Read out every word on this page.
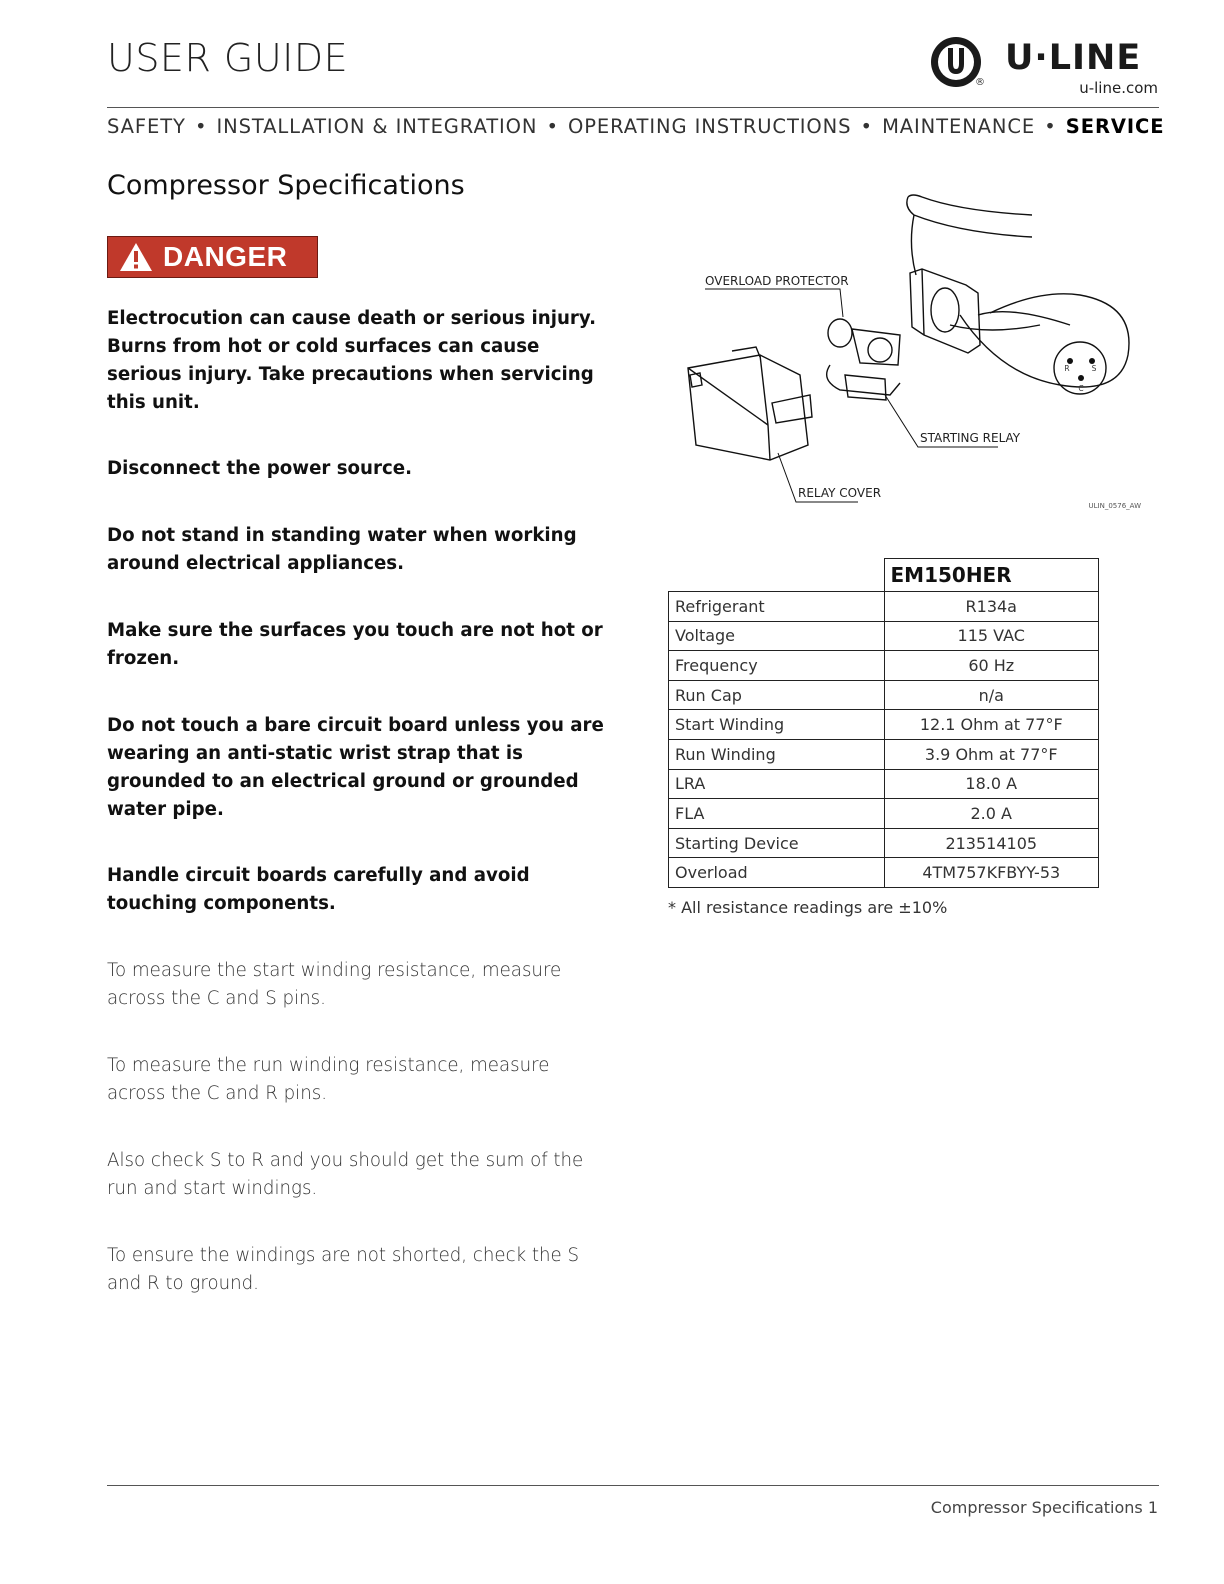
USER GUIDE
®
U·LINE
u-line.com
SAFETY • INSTALLATION & INTEGRATION • OPERATING INSTRUCTIONS • MAINTENANCE • SERVICE
Compressor Specifications
DANGER
Electrocution can cause death or serious injury. Burns from hot or cold surfaces can cause serious injury. Take precautions when servicing this unit.
Disconnect the power source.
Do not stand in standing water when working around electrical appliances.
Make sure the surfaces you touch are not hot or frozen.
Do not touch a bare circuit board unless you are wearing an anti-static wrist strap that is grounded to an electrical ground or grounded water pipe.
Handle circuit boards carefully and avoid touching components.
To measure the start winding resistance, measure across the C and S pins.
To measure the run winding resistance, measure across the C and R pins.
Also check S to R and you should get the sum of the run and start windings.
To ensure the windings are not shorted, check the S and R to ground.
R	S
C
OVERLOAD PROTECTOR
STARTING RELAY
RELAY COVER
ULIN_0576_AW
	EM150HER
Refrigerant	R134a
Voltage	115 VAC
Frequency	60 Hz
Run Cap	n/a
Start Winding	12.1 Ohm at 77°F
Run Winding	3.9 Ohm at 77°F
LRA	18.0 A
FLA	2.0 A
Starting Device	213514105
Overload	4TM757KFBYY-53
* All resistance readings are ±10%
Compressor Specifications 1
